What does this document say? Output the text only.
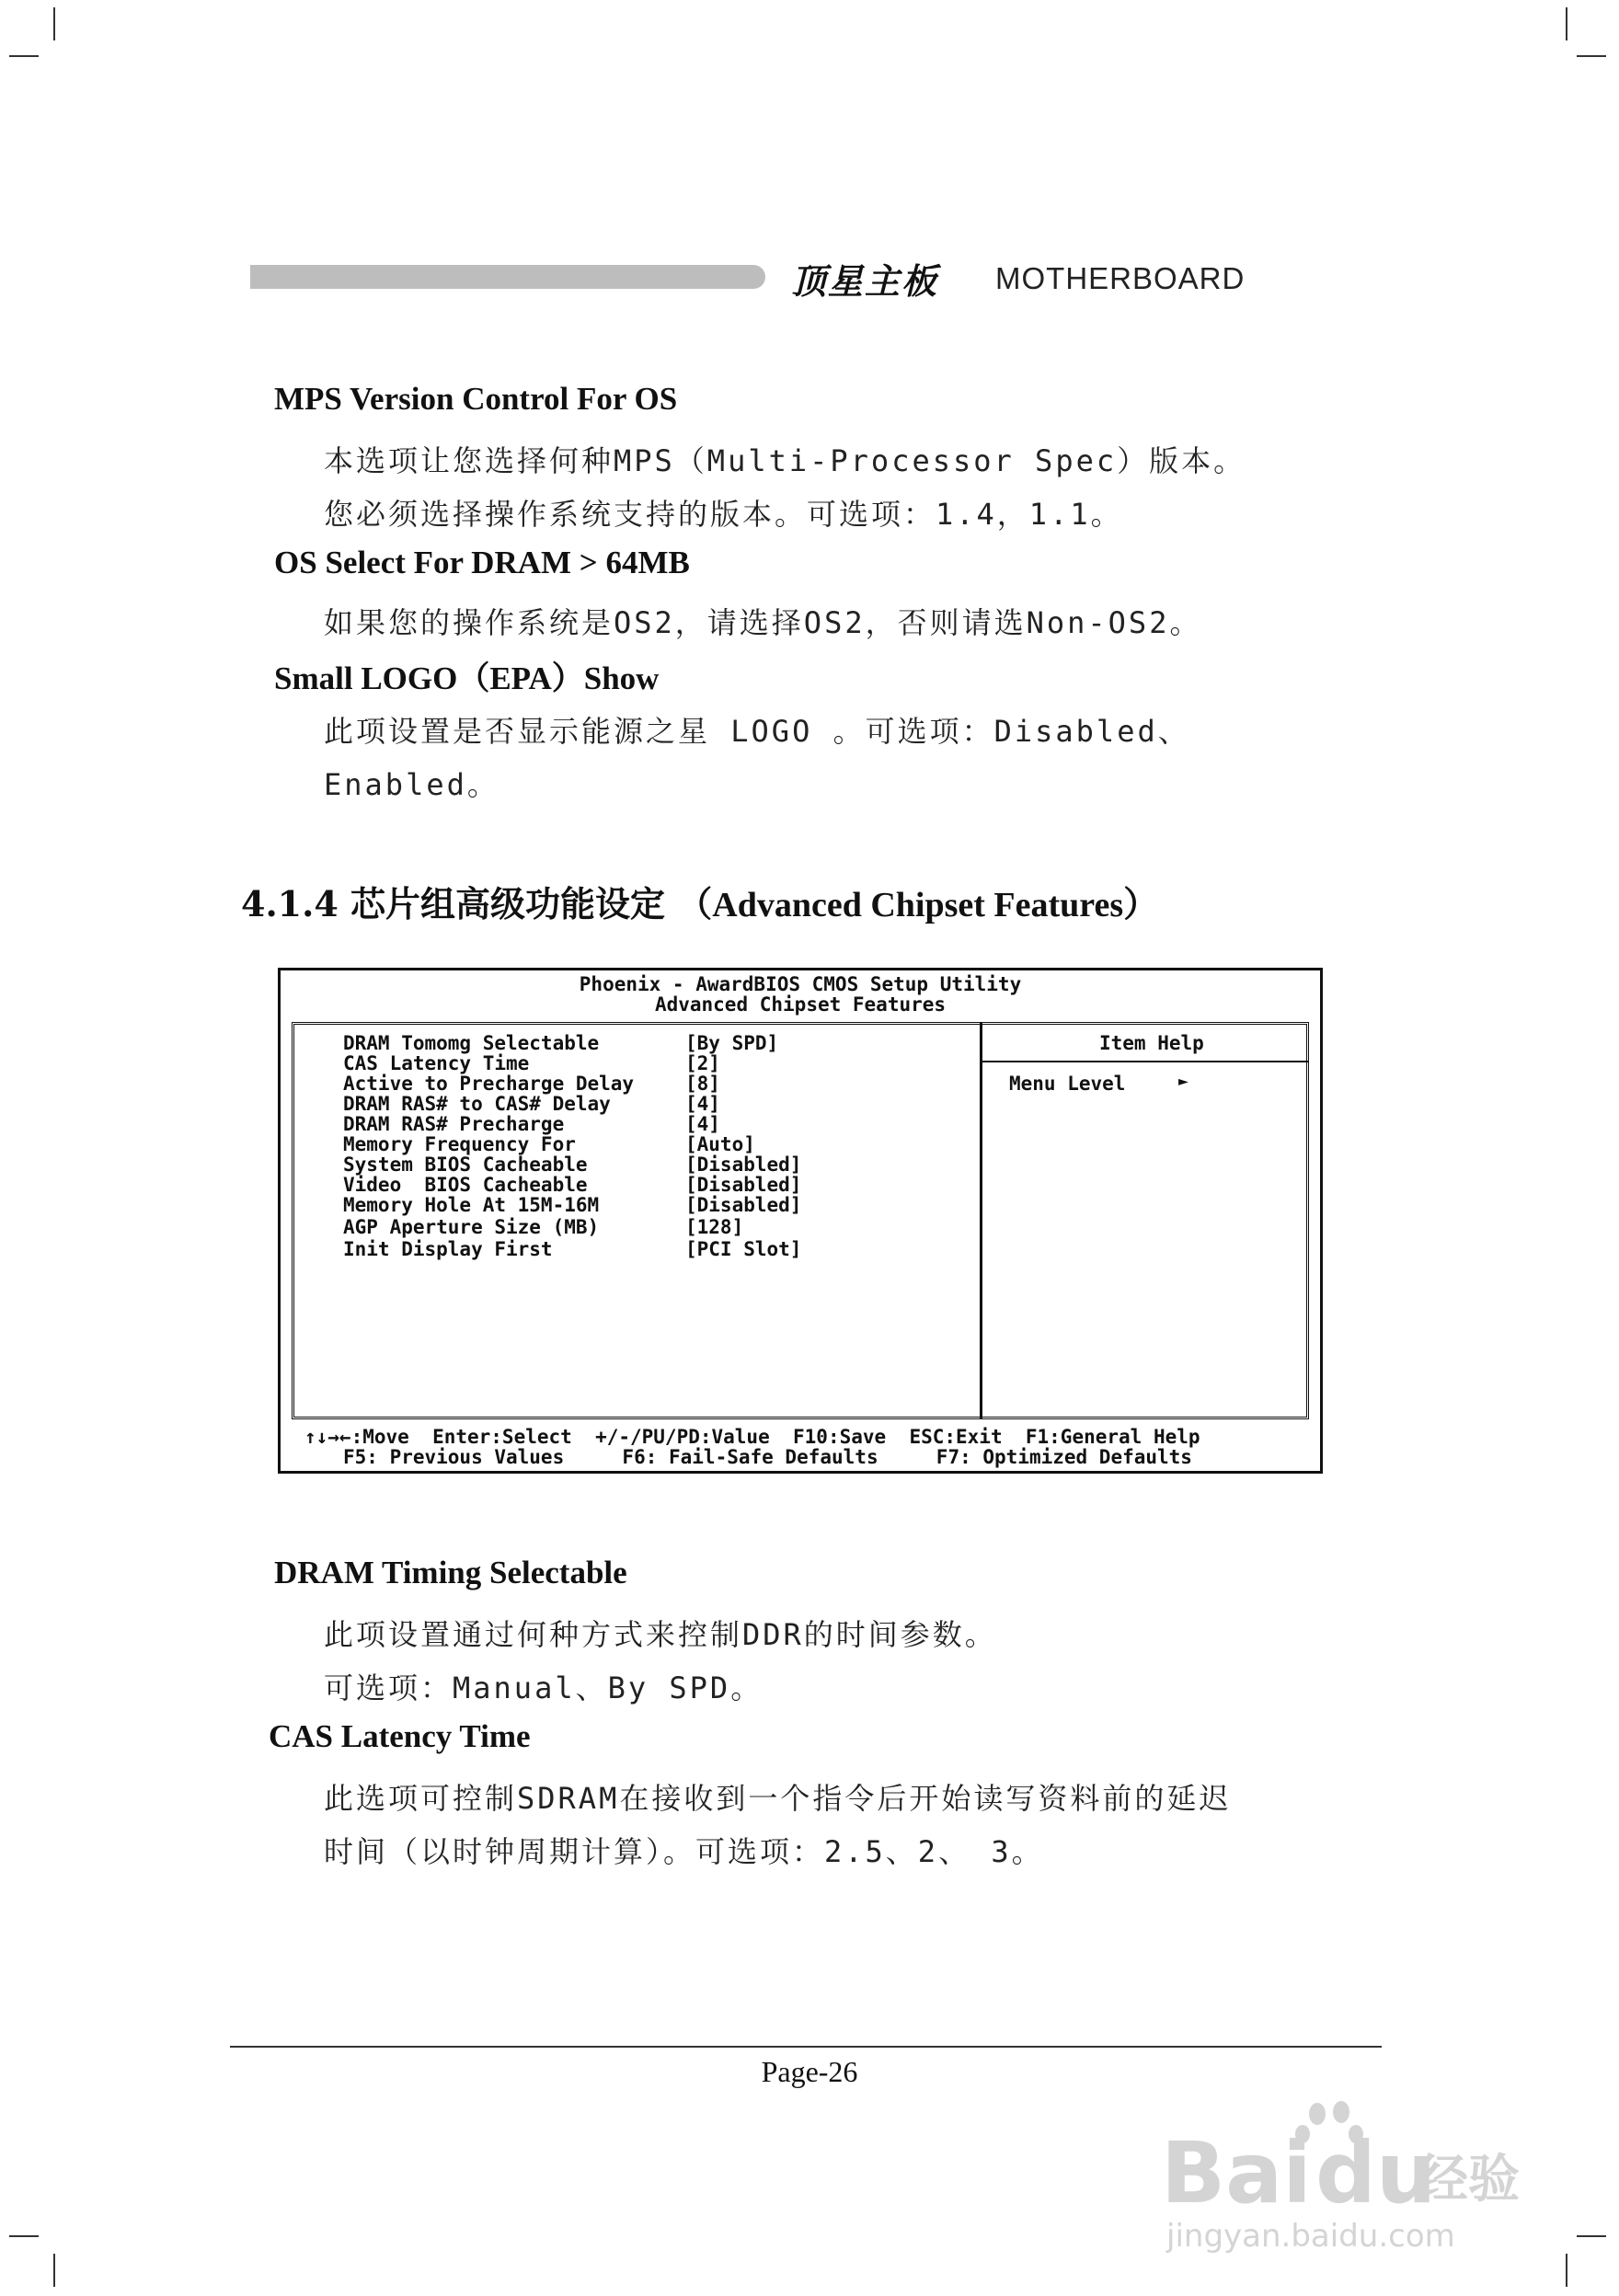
顶星主板 MOTHERBOARD
MPS Version Control For OS
本选项让您选择何种MPS（Multi-Processor Spec）版本。
您必须选择操作系统支持的版本。可选项：1.4，1.1。
OS Select For DRAM > 64MB
如果您的操作系统是OS2，请选择OS2，否则请选Non-OS2。
Small LOGO（EPA）Show
此项设置是否显示能源之星 LOGO 。可选项：Disabled、
Enabled。
4.1.4 芯片组高级功能设定 （Advanced Chipset Features）
Phoenix - AwardBIOS CMOS Setup Utility
Advanced Chipset Features
DRAM Tomomg Selectable	[By SPD]
CAS Latency Time	[2]
Active to Precharge Delay	[8]
DRAM RAS# to CAS# Delay	[4]
DRAM RAS# Precharge	[4]
Memory Frequency For	[Auto]
System BIOS Cacheable	[Disabled]
Video  BIOS Cacheable	[Disabled]
Memory Hole At 15M-16M	[Disabled]
AGP Aperture Size (MB)	[128]
Init Display First	[PCI Slot]
Item Help
Menu Level	►
↑↓→←:Move  Enter:Select  +/-/PU/PD:Value  F10:Save  ESC:Exit  F1:General Help
F5: Previous Values     F6: Fail-Safe Defaults     F7: Optimized Defaults
DRAM Timing Selectable
此项设置通过何种方式来控制DDR的时间参数。
可选项：Manual、By SPD。
CAS Latency Time
此选项可控制SDRAM在接收到一个指令后开始读写资料前的延迟
时间（以时钟周期计算）。可选项：2.5、2、 3。
Page-26
Bai du
经验
jingyan.baidu.com
